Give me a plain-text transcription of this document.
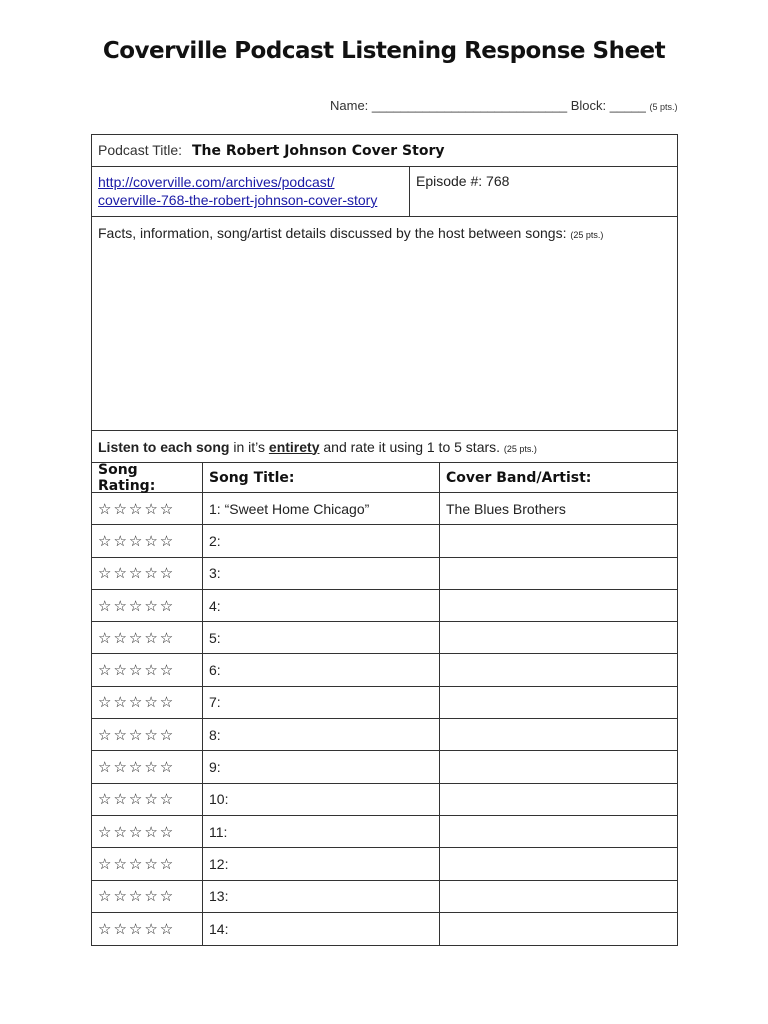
Coverville Podcast Listening Response Sheet
Name: ___________________________ Block: _____ (5 pts.)
Podcast Title: The Robert Johnson Cover Story
http://coverville.com/archives/podcast/
coverville-768-the-robert-johnson-cover-story
Episode #: 768
Facts, information, song/artist details discussed by the host between songs: (25 pts.)
Listen to each song in it’s entirety and rate it using 1 to 5 stars. (25 pts.)
Song Rating:	Song Title:	Cover Band/Artist:
☆☆☆☆☆	1: “Sweet Home Chicago”	The Blues Brothers
☆☆☆☆☆	2:
☆☆☆☆☆	3:
☆☆☆☆☆	4:
☆☆☆☆☆	5:
☆☆☆☆☆	6:
☆☆☆☆☆	7:
☆☆☆☆☆	8:
☆☆☆☆☆	9:
☆☆☆☆☆	10:
☆☆☆☆☆	11:
☆☆☆☆☆	12:
☆☆☆☆☆	13:
☆☆☆☆☆	14:
